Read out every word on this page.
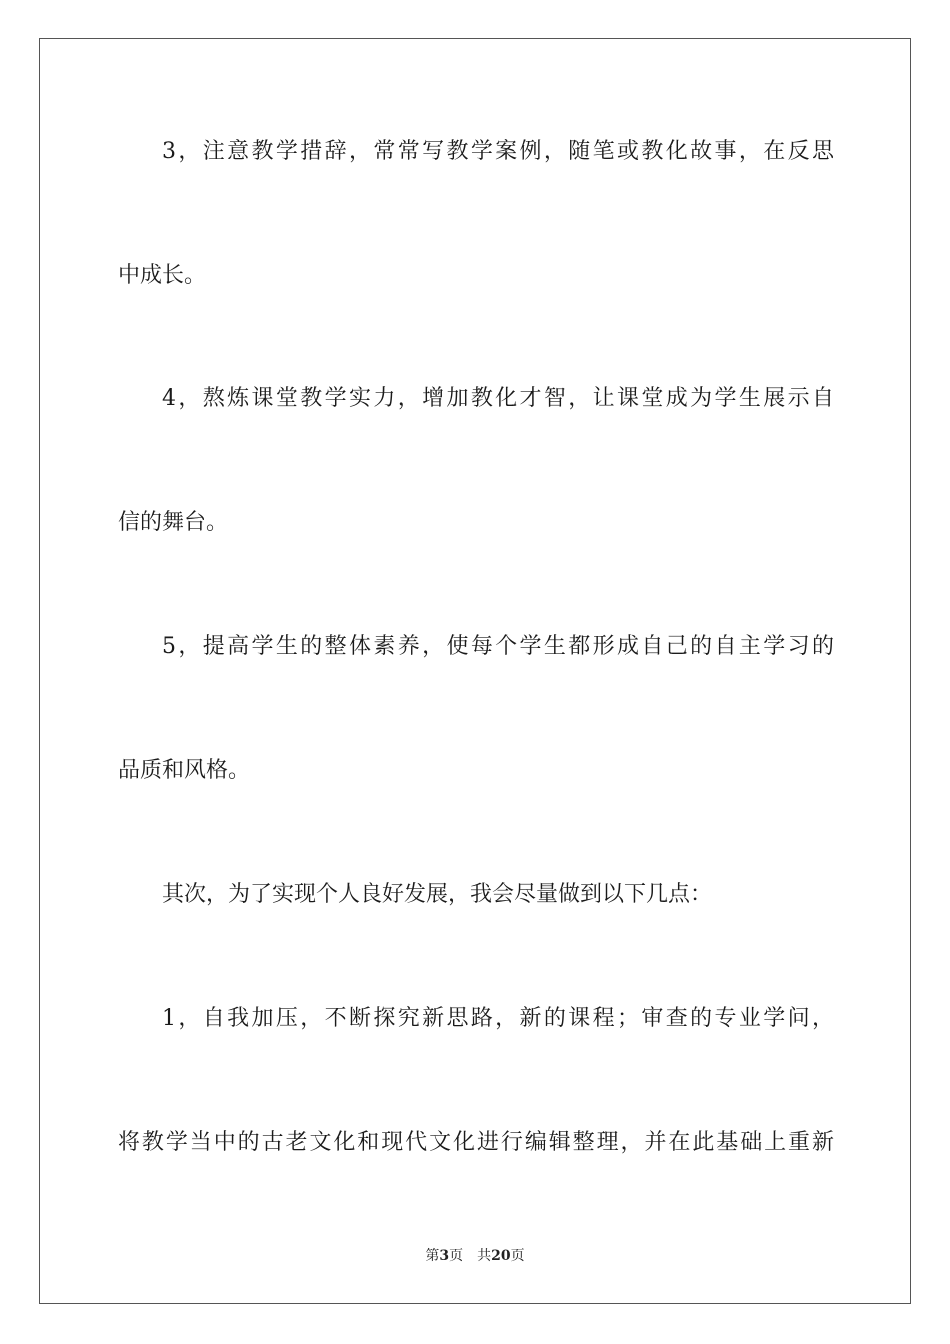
3，注意教学措辞，常常写教学案例，随笔或教化故事，在反思
中成长。
4，熬炼课堂教学实力，增加教化才智，让课堂成为学生展示自
信的舞台。
5，提高学生的整体素养，使每个学生都形成自己的自主学习的
品质和风格。
其次，为了实现个人良好发展，我会尽量做到以下几点：
1，自我加压，不断探究新思路，新的课程；审查的专业学问，
将教学当中的古老文化和现代文化进行编辑整理，并在此基础上重新
第3页 共20页
